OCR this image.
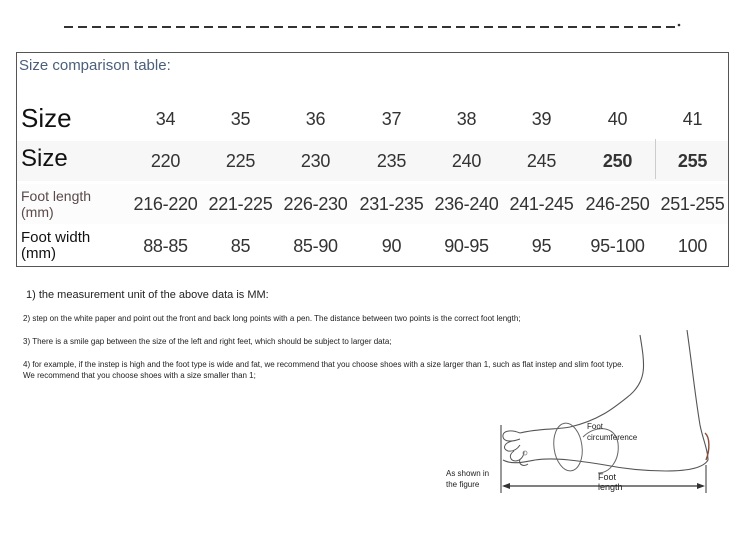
Size comparison table:
Size	34	35	36	37	38	39	40	41
Size	220	225	230	235	240	245	250	255
Foot length
(mm)	216-220 221-225 226-230 231-235 236-240 241-245 246-250 251-255
Foot width
(mm)	88-85	85	85-90	90	90-95	95	95-100	100
1) the measurement unit of the above data is MM:
2) step on the white paper and point out the front and back long points with a pen. The distance between two points is the correct foot length;
3) There is a smile gap between the size of the left and right feet, which should be subject to larger data;
4) for example, if the instep is high and the foot type is wide and fat, we recommend that you choose shoes with a size larger than 1, such as flat instep and slim foot type. We recommend that you choose shoes with a size smaller than 1;
Foot
circumference
As shown in
the figure
Foot
length
